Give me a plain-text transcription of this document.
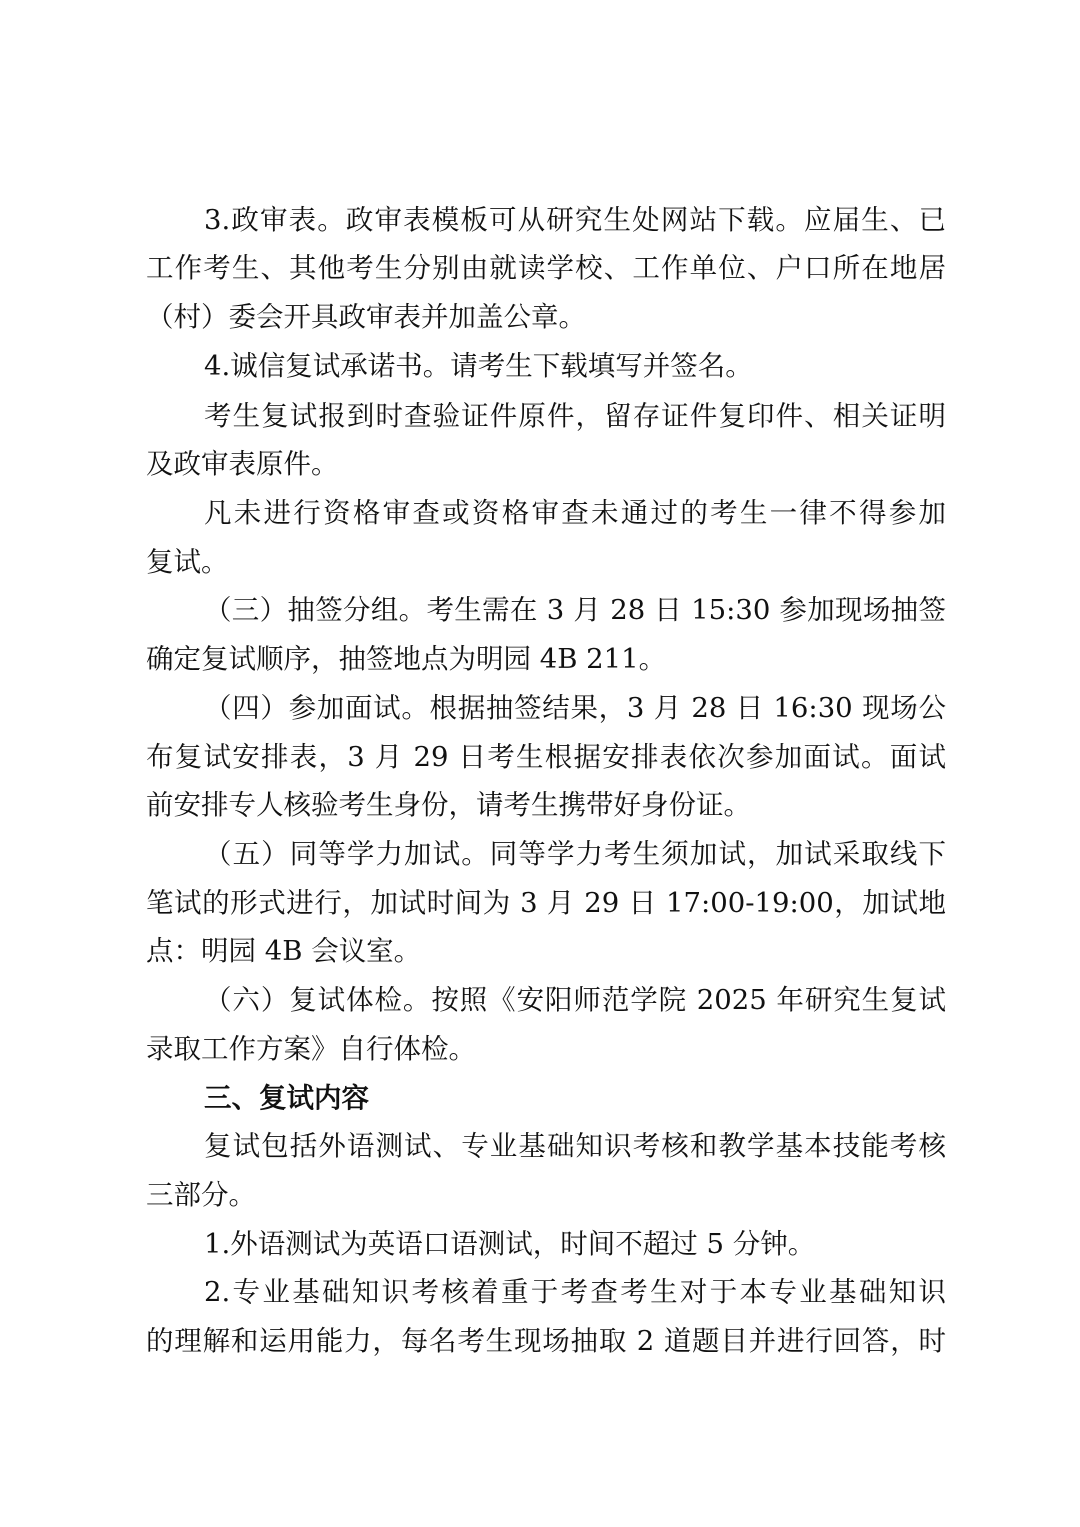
3.政审表。政审表模板可从研究生处网站下载。应届生、已
工作考生、其他考生分别由就读学校、工作单位、户口所在地居
（村）委会开具政审表并加盖公章。
4.诚信复试承诺书。请考生下载填写并签名。
考生复试报到时查验证件原件，留存证件复印件、相关证明
及政审表原件。
凡未进行资格审查或资格审查未通过的考生一律不得参加
复试。
（三）抽签分组。考生需在 3 月 28 日 15:30 参加现场抽签
确定复试顺序，抽签地点为明园 4B 211。
（四）参加面试。根据抽签结果，3 月 28 日 16:30 现场公
布复试安排表，3 月 29 日考生根据安排表依次参加面试。面试
前安排专人核验考生身份，请考生携带好身份证。
（五）同等学力加试。同等学力考生须加试，加试采取线下
笔试的形式进行，加试时间为 3 月 29 日 17:00-19:00，加试地
点：明园 4B 会议室。
（六）复试体检。按照《安阳师范学院 2025 年研究生复试
录取工作方案》自行体检。
三、复试内容
复试包括外语测试、专业基础知识考核和教学基本技能考核
三部分。
1.外语测试为英语口语测试，时间不超过 5 分钟。
2.专业基础知识考核着重于考查考生对于本专业基础知识
的理解和运用能力，每名考生现场抽取 2 道题目并进行回答，时
